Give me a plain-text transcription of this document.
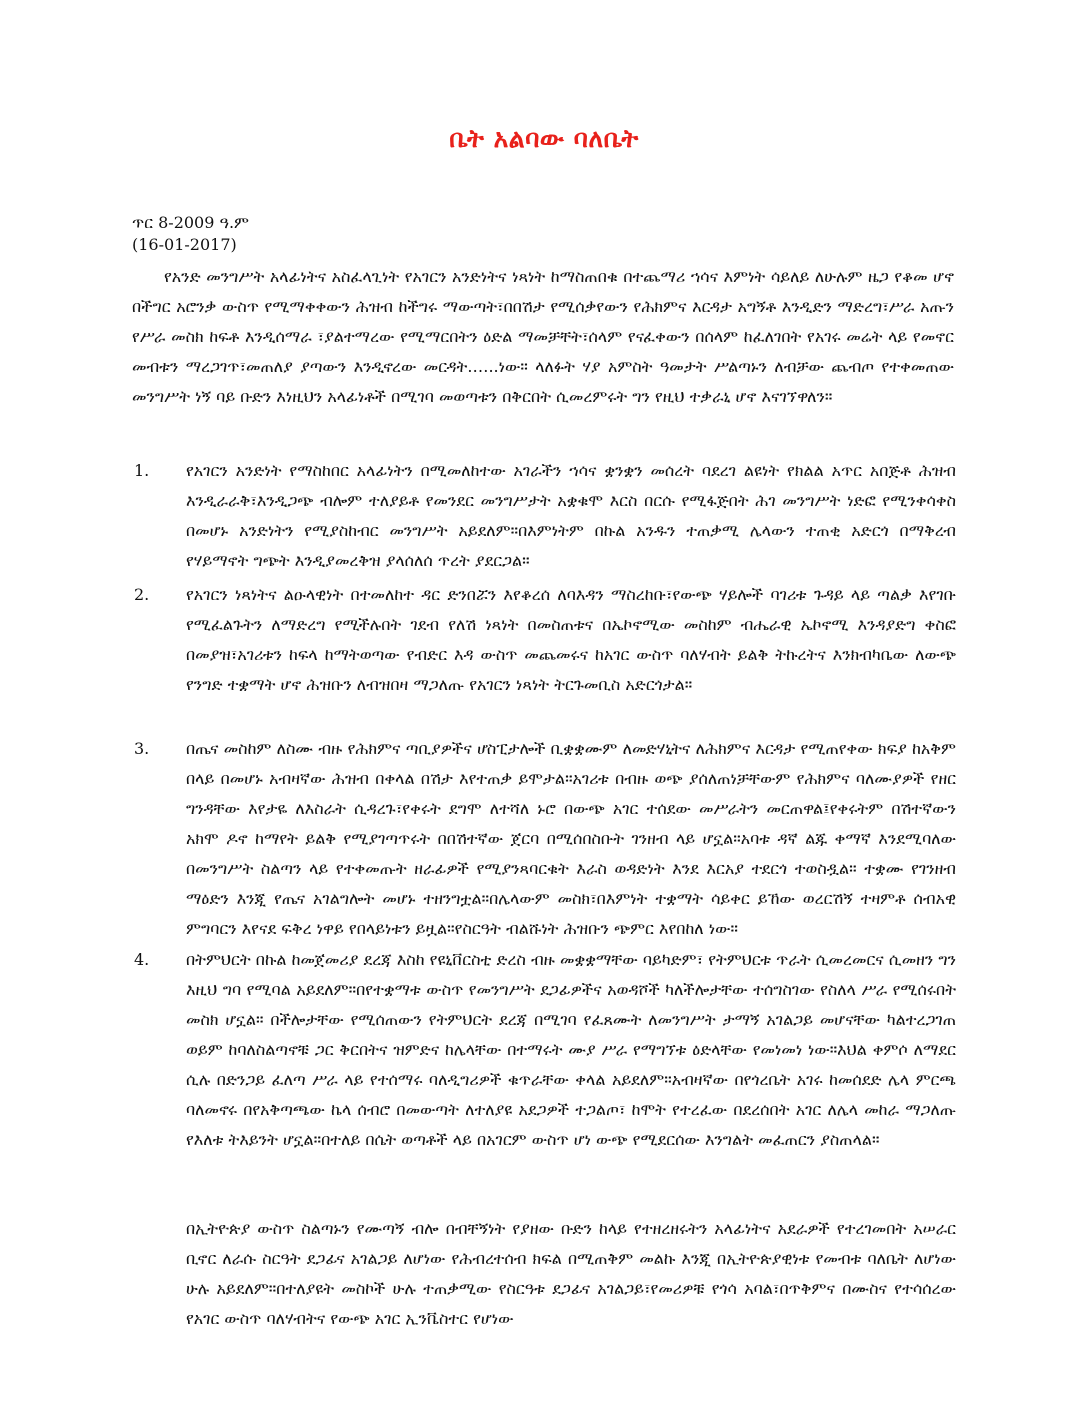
ቤት አልባው ባለቤት
ጥር 8-2009 ዓ.ም
(16-01-2017)
የአንድ መንግሥት አላፊነትና አስፈላጊነት የአገርን አንድነትና ነጻነት ከማስጠበቁ በተጨማሪ ኀሳና እምነት ሳይለይ ለሁሉም ዜጋ የቆመ ሆኖ በችግር አሮንቃ ውስጥ የሚማቀቀውን ሕዝብ ከችግሩ ማውጣት፣በበሽታ የሚሰቃየውን የሕክምና እርዳታ አግኝቶ እንዲድን ማድረግ፣ሥራ አጡን የሥራ መስክ ከፍቶ እንዲሰማራ ፣ያልተማረው የሚማርበትን ዕድል ማመቻቸት፣ሰላም የናፈቀውን በሰላም ከፈለገበት የአገሩ መሬት ላይ የመኖር መብቱን ማረጋገጥ፣መጠለያ ያጣውን እንዲኖረው መርዳት.…..ነው። ላለፉት ሃያ አምስት ዓመታት ሥልጣኑን ለብቻው ጨብጦ የተቀመጠው መንግሥት ነኝ ባይ ቡድን እነዚህን አላፊነቶች በሚገባ መወጣቱን በቅርበት ሲመረምሩት ግን የዚህ ተቃራኒ ሆኖ እናገኘዋለን።
1.	የአገርን አንድነት የማስከበር አላፊነትን በሚመለከተው አገራችን ኀሳና ቋንቋን መሰረት ባደረገ ልዩነት የክልል አጥር አበጅቶ ሕዝብ እንዲራራቅ፣እንዲጋጭ ብሎም ተለያይቶ የመንደር መንግሥታት አቋቁሞ እርስ በርሱ የሚፋጅበት ሕገ መንግሥት ነድፎ የሚንቀሳቀስ በመሆኑ አንድነትን የሚያስከብር መንግሥት አይደለም።በእምነትም በኩል አንዱን ተጠቃሚ ሌላውን ተጠቂ አድርጎ በማቅረብ የሃይማኖት ግጭት እንዲያመረቅዝ ያላሰለሰ ጥረት ያደርጋል።
2.	የአገርን ነጻነትና ልዑላዊነት በተመለከተ ዳር ድንበሯን እየቆረሰ ለባእዳን ማስረከቡ፣የውጭ ሃይሎች ባገሪቱ ጉዳይ ላይ ጣልቃ እየገቡ የሚፈልጉትን ለማድረግ የሚችሉበት ገደብ የለሽ ነጻነት በመስጠቱና በኤኮኖሚው መስከም ብሔራዊ ኤኮኖሚ እንዳያድግ ቀስፎ በመያዝ፣አገሪቱን ከፍላ ከማትወጣው የብድር እዳ ውስጥ መጨመሩና ከአገር ውስጥ ባለሃብት ይልቅ ትኩረትና እንክብካቤው ለውጭ የንግድ ተቋማት ሆኖ ሕዝቡን ለብዝበዛ ማጋለጡ የአገርን ነጻነት ትርጉመቢስ አድርጎታል።
3.	በጤና መስከም ለስሙ ብዙ የሕክምና ጣቢያዎችና ሆስፒታሎች ቢቋቋሙም ለመድሃኒትና ለሕክምና እርዳታ የሚጠየቀው ክፍያ ከአቅም በላይ በመሆኑ አብዛኛው ሕዝብ በቀላል በሽታ እየተጠቃ ይሞታል።አገሪቱ በብዙ ወጭ ያሰለጠነቻቸውም የሕክምና ባለሙያዎች የዘር ግንዳቸው እየታዬ ለእስራት ሲዳረጉ፣የቀሩት ደግሞ ለተሻለ ኑሮ በውጭ አገር ተሰደው መሥራትን መርጠዋል፤የቀሩትም በሽተኛውን አክሞ ዶኖ ከማየት ይልቅ የሚያገጣጥሩት በበሽተኛው ጀርባ በሚሰበስቡት ገንዘብ ላይ ሆኗል።አባቱ ዳኛ ልጁ ቀማኛ እንደሚባለው በመንግሥት ስልጣን ላይ የተቀመጡት ዘራፊዎች የሚያንጻባርቁት እራስ ወዳድነት እንደ እርአያ ተደርጎ ተወስዷል። ተቋሙ የገንዘብ ማዕድን እንጂ የጤና አገልግሎት መሆኑ ተዘንግቷል።በሌላውም መስክ፣በእምነት ተቋማት ሳይቀር ይኸው ወረርሽኝ ተዛምቶ ሰብአዊ ምግባርን እየናደ ፍቅረ ነዋይ የበላይነቱን ይዟል።የስርዓት ብልሹነት ሕዝቡን ጭምር እየበከለ ነው።
4.	በትምህርት በኩል ከመጀመሪያ ደረጃ እስከ የዩኒቨርስቲ ድረስ ብዙ መቋቋማቸው ባይካድም፣ የትምህርቱ ጥራት ሲመረመርና ሲመዘን ግን እዚህ ግባ የሚባል አይደለም።በየተቋማቱ ውስጥ የመንግሥት ደጋፊዎችና አወዳሾች ካለችሎታቸው ተሰግስገው የስለላ ሥራ የሚሰሩበት መስክ ሆኗል። በችሎታቸው የሚሰጠውን የትምህርት ደረጃ በሚገባ የፈጸሙት ለመንግሥት ታማኝ አገልጋይ መሆናቸው ካልተረጋገጠ ወይም ከባለስልጣኖቹ ጋር ቅርበትና ዝምድና ከሌላቸው በተማሩት ሙያ ሥራ የማግኘቱ ዕድላቸው የመነመነ ነው።እህል ቀምሶ ለማደር ሲሉ በድንጋይ ፈለጣ ሥራ ላይ የተሰማሩ ባለዲግሪዎች ቁጥራቸው ቀላል አይደለም።አብዛኛው በየጎረቤት አገሩ ከመሰደድ ሌላ ምርጫ ባለመኖሩ በየአቅጣጫው ኬላ ሰብሮ በመውጣት ለተለያዩ አደጋዎች ተጋልጦ፣ ከሞት የተረፈው በደረሰበት አገር ለሌላ መከራ ማጋለጡ የእለቱ ትእይንት ሆኗል።በተለይ በሴት ወጣቶች ላይ በአገርም ውስጥ ሆነ ውጭ የሚደርሰው እንግልት መፈጠርን ያስጠላል።
በኢትዮጵያ ውስጥ ስልጣኑን የሙጣኝ ብሎ በብቸኝነት የያዘው ቡድን ከላይ የተዘረዘሩትን አላፊነትና አደራዎች የተረገመበት አሠራር ቢኖር ለራሱ ስርዓት ደጋፊና አገልጋይ ለሆነው የሕብረተሰብ ክፍል በሚጠቅም መልኩ እንጂ በኢትዮጵያዊነቱ የመብቱ ባለቤት ለሆነው ሁሉ አይደለም።በተለያዩት መስኮች ሁሉ ተጠቃሚው የስርዓቱ ደጋፊና አገልጋይ፣የመሪዎቹ የጎሳ አባል፣በጥቅምና በሙስና የተሳሰረው የአገር ውስጥ ባለሃብትና የውጭ አገር ኢንቬስተር የሆነው
